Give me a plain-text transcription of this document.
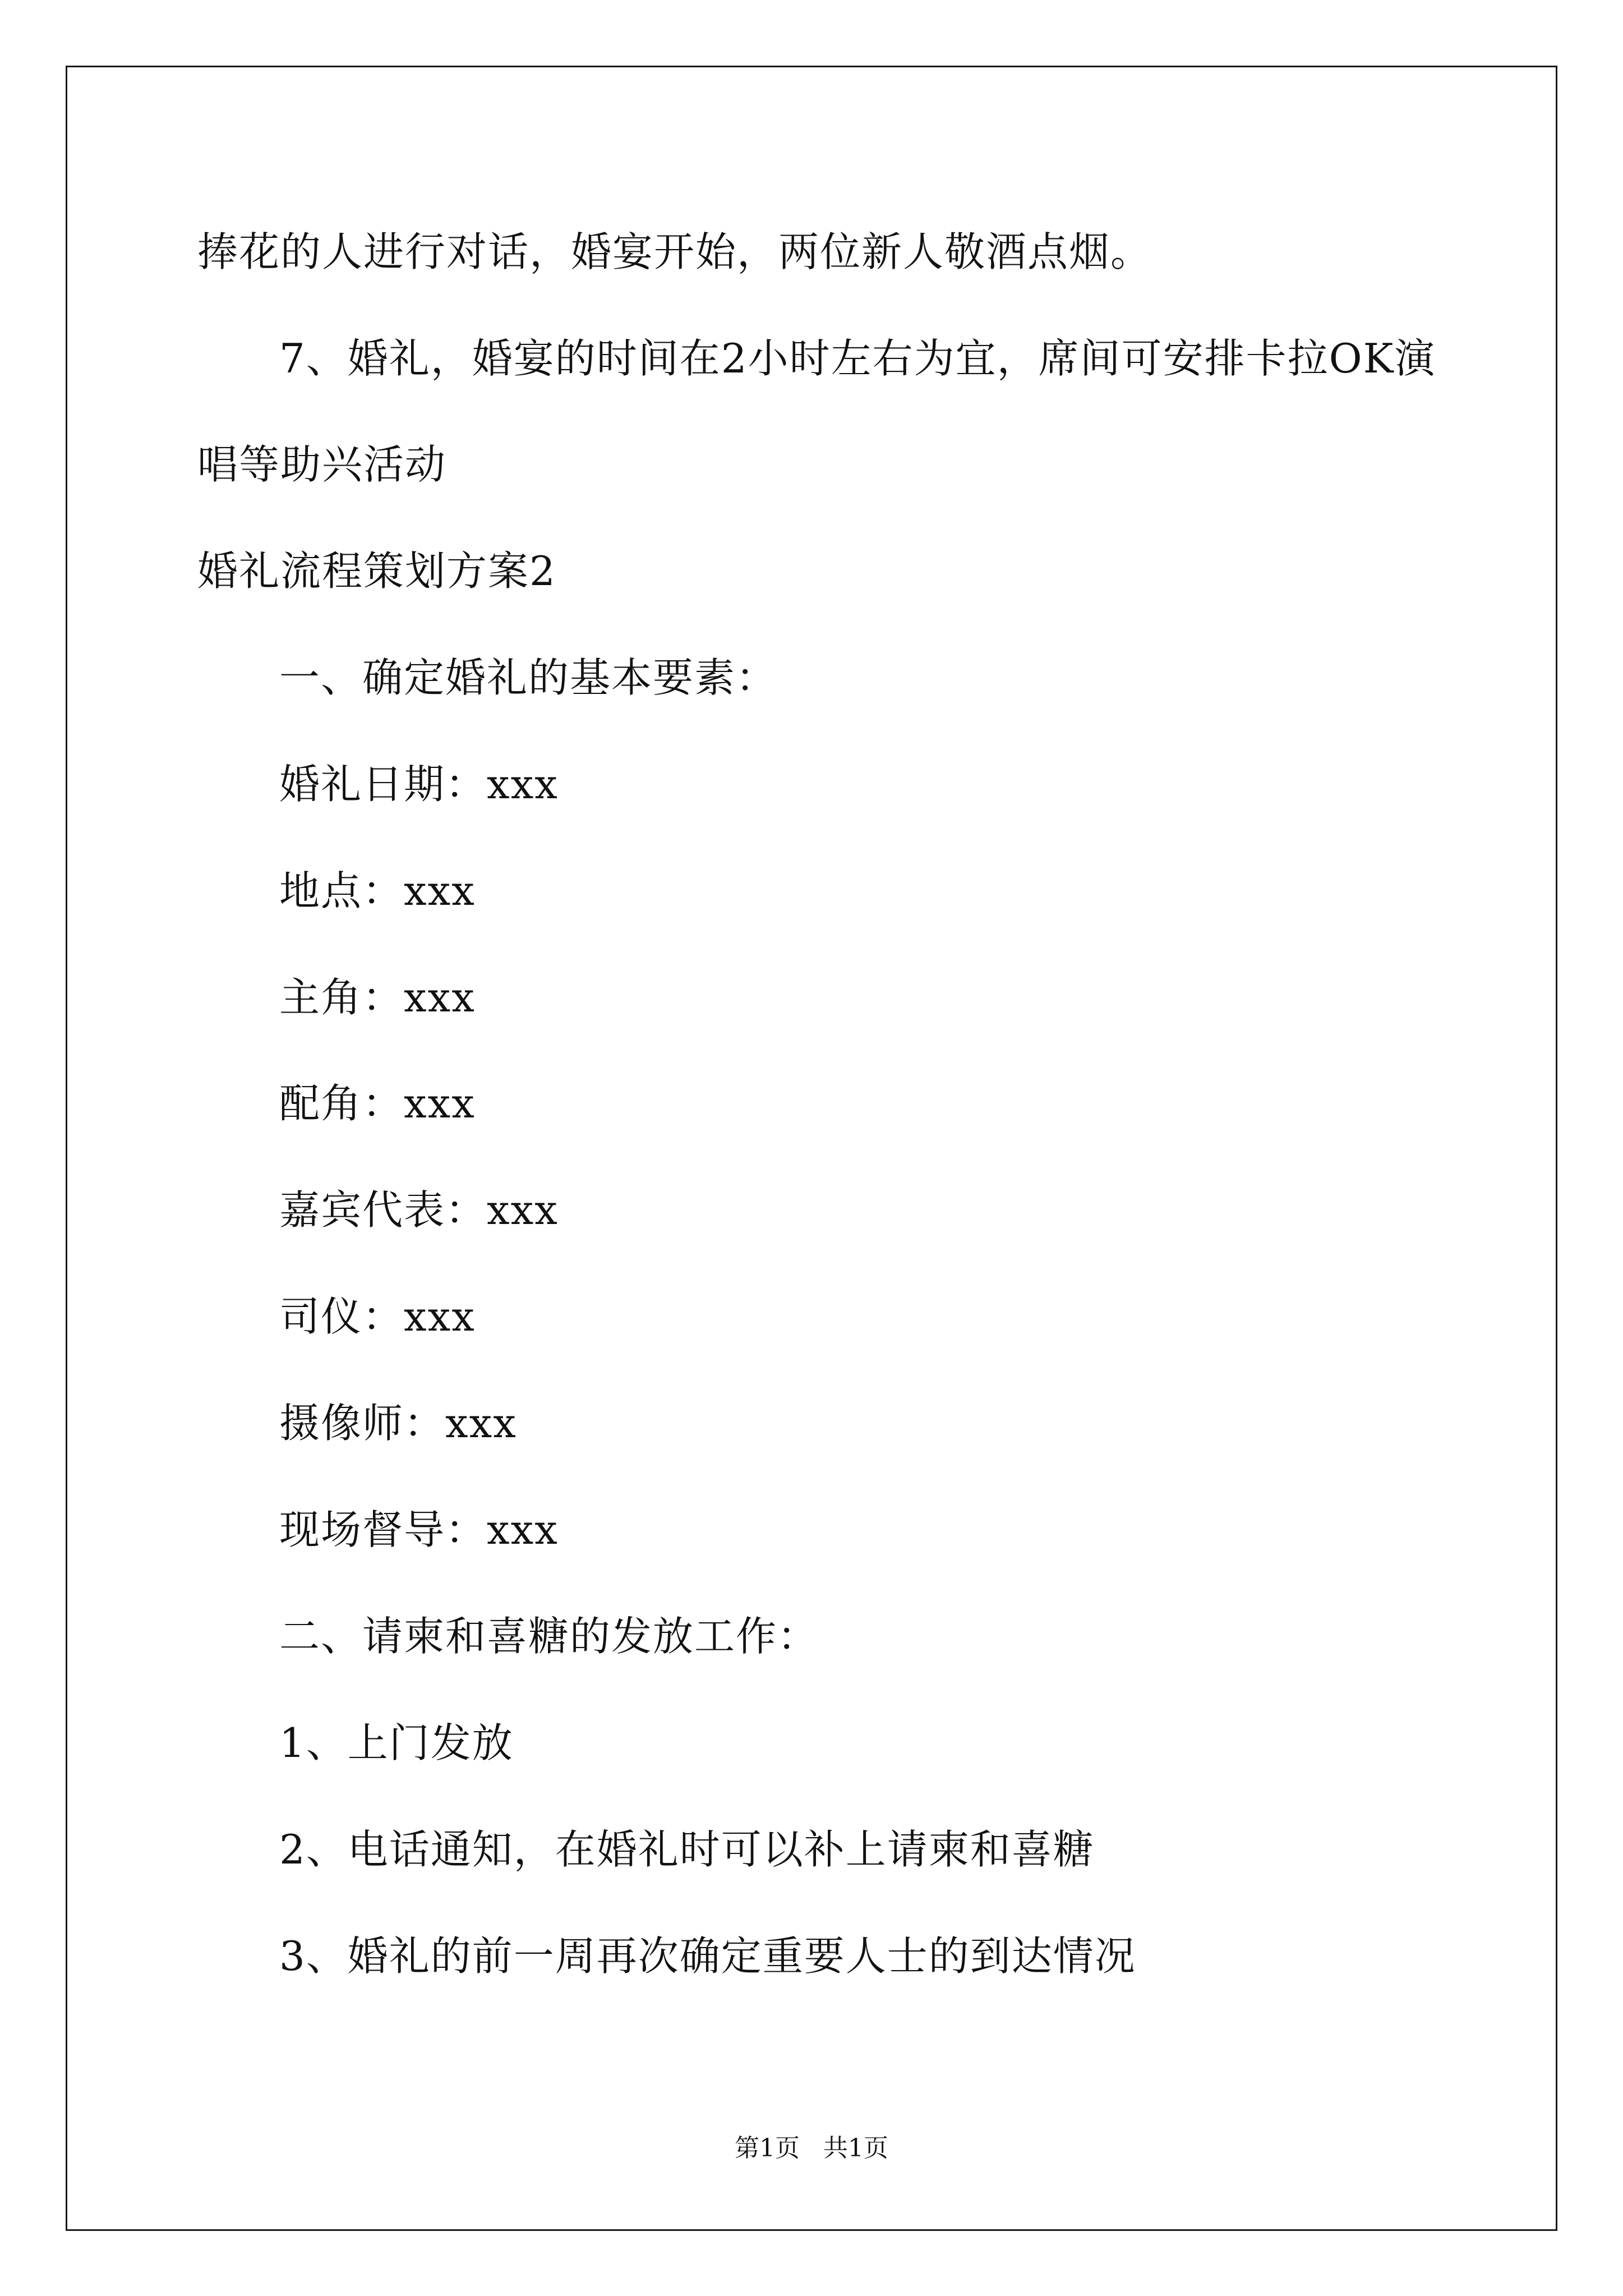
捧花的人进行对话，婚宴开始，两位新人敬酒点烟。
7、婚礼，婚宴的时间在2小时左右为宜，席间可安排卡拉OK演
唱等助兴活动
婚礼流程策划方案2
一、确定婚礼的基本要素：
婚礼日期：xxx
地点：xxx
主角：xxx
配角：xxx
嘉宾代表：xxx
司仪：xxx
摄像师：xxx
现场督导：xxx
二、请柬和喜糖的发放工作：
1、上门发放
2、电话通知，在婚礼时可以补上请柬和喜糖
3、婚礼的前一周再次确定重要人士的到达情况
第1页   共1页
